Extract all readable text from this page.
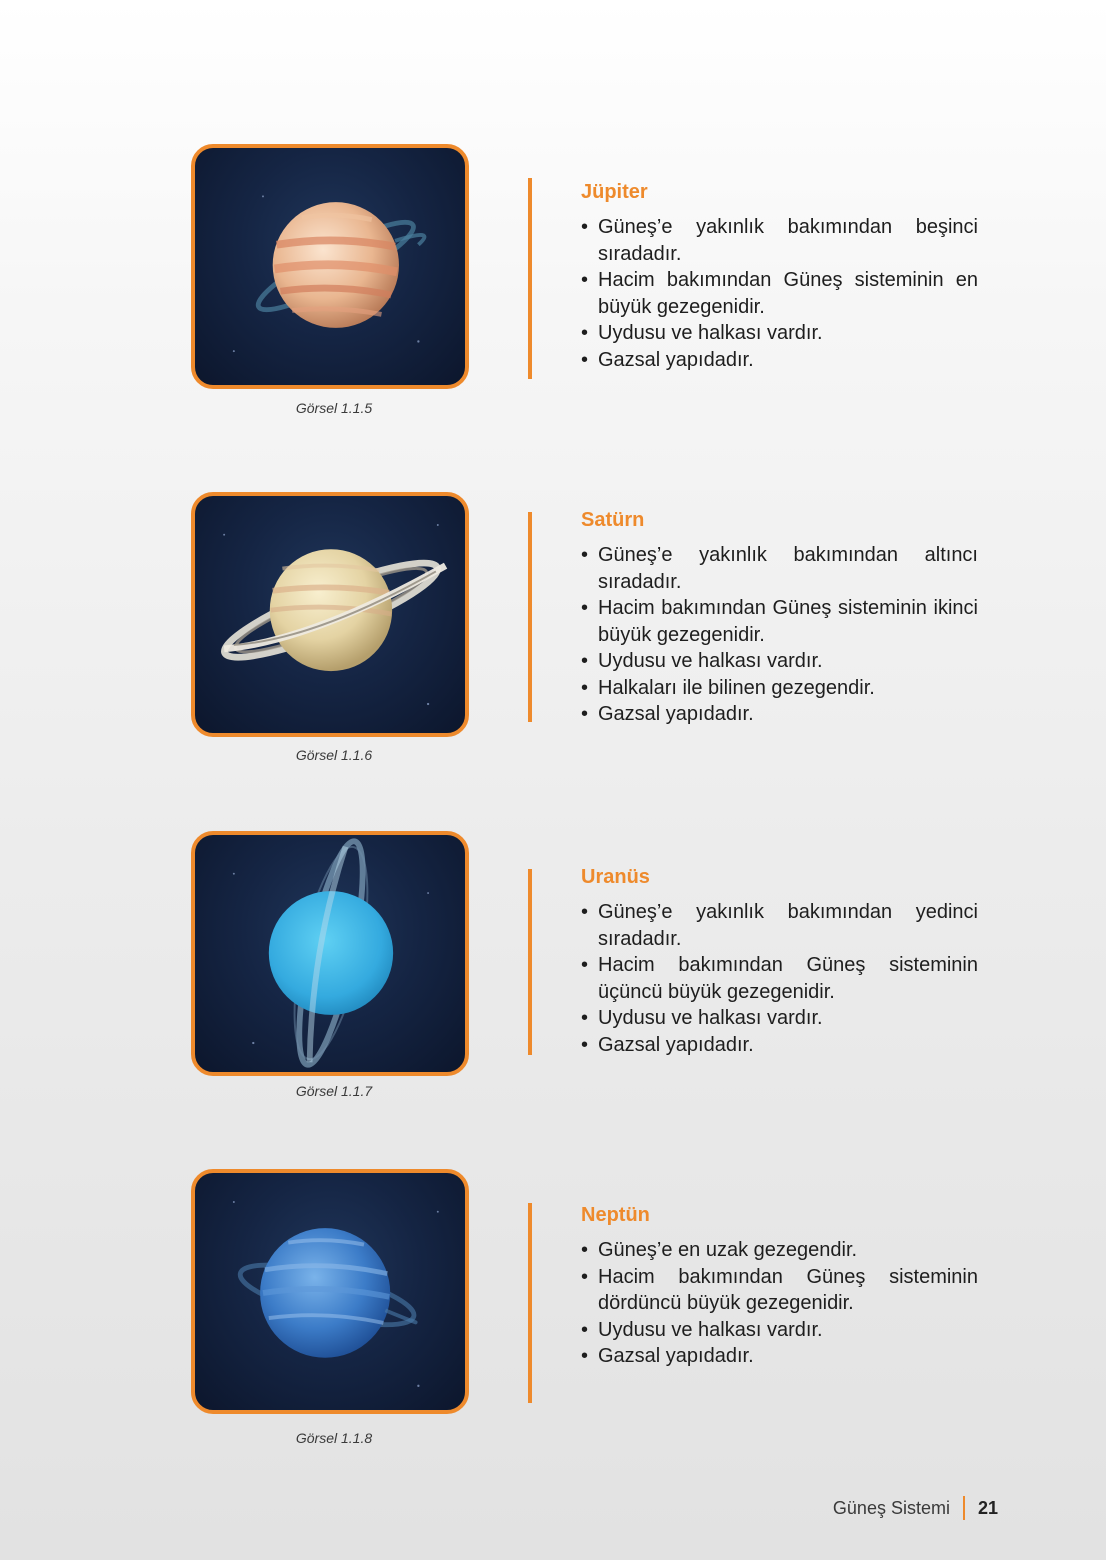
Görsel 1.1.5
Jüpiter
• Güneş’e yakınlık bakımından beşinci sıradadır.
• Hacim bakımından Güneş sisteminin en büyük gezegenidir.
• Uydusu ve halkası vardır.
• Gazsal yapıdadır.
Görsel 1.1.6
Satürn
• Güneş’e yakınlık bakımından altıncı sıradadır.
• Hacim bakımından Güneş sisteminin ikinci büyük gezegenidir.
• Uydusu ve halkası vardır.
• Halkaları ile bilinen gezegendir.
• Gazsal yapıdadır.
Görsel 1.1.7
Uranüs
• Güneş’e yakınlık bakımından yedinci sıradadır.
• Hacim bakımından Güneş sisteminin üçüncü büyük gezegenidir.
• Uydusu ve halkası vardır.
• Gazsal yapıdadır.
Görsel 1.1.8
Neptün
• Güneş’e en uzak gezegendir.
• Hacim bakımından Güneş sisteminin dördüncü büyük gezegenidir.
• Uydusu ve halkası vardır.
• Gazsal yapıdadır.
Güneş Sistemi 21
